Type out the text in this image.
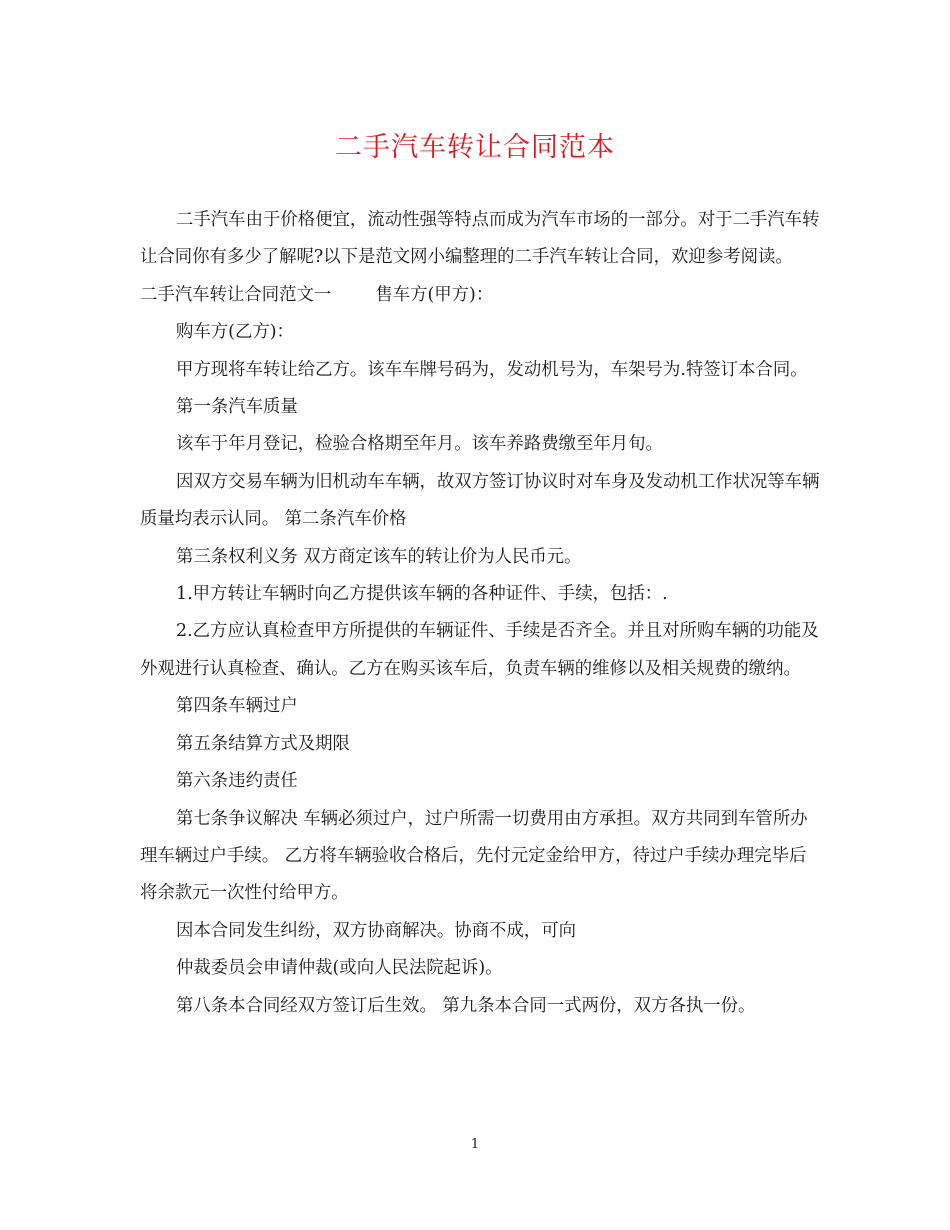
二手汽车转让合同范本

二手汽车由于价格便宜，流动性强等特点而成为汽车市场的一部分。对于二手汽车转让合同你有多少了解呢?以下是范文网小编整理的二手汽车转让合同，欢迎参考阅读。

二手汽车转让合同范文一	售车方(甲方)：

购车方(乙方)：

甲方现将车转让给乙方。该车车牌号码为，发动机号为，车架号为.特签订本合同。

第一条汽车质量

该车于年月登记，检验合格期至年月。该车养路费缴至年月旬。

因双方交易车辆为旧机动车车辆，故双方签订协议时对车身及发动机工作状况等车辆质量均表示认同。 第二条汽车价格

第三条权利义务 双方商定该车的转让价为人民币元。

1.甲方转让车辆时向乙方提供该车辆的各种证件、手续，包括：.

2.乙方应认真检查甲方所提供的车辆证件、手续是否齐全。并且对所购车辆的功能及外观进行认真检查、确认。乙方在购买该车后，负责车辆的维修以及相关规费的缴纳。

第四条车辆过户

第五条结算方式及期限

第六条违约责任

第七条争议解决 车辆必须过户，过户所需一切费用由方承担。双方共同到车管所办理车辆过户手续。 乙方将车辆验收合格后，先付元定金给甲方，待过户手续办理完毕后将余款元一次性付给甲方。

因本合同发生纠纷，双方协商解决。协商不成，可向

仲裁委员会申请仲裁(或向人民法院起诉)。

第八条本合同经双方签订后生效。 第九条本合同一式两份，双方各执一份。

1
